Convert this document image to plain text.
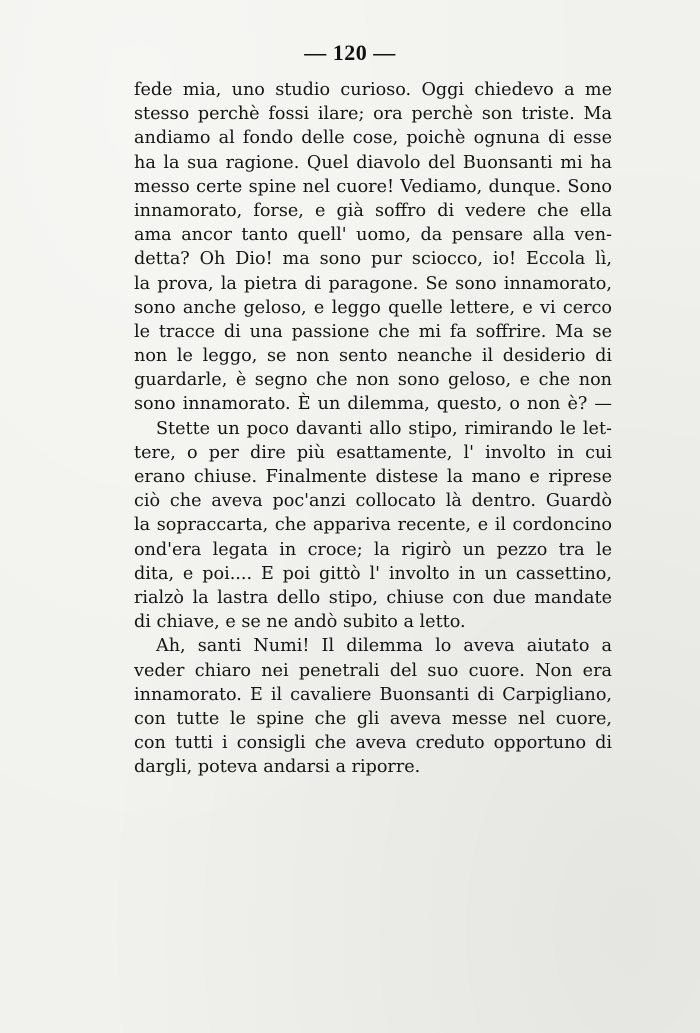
— 120 —
fede mia, uno studio curioso. Oggi chiedevo a me
stesso perchè fossi ilare; ora perchè son triste. Ma
andiamo al fondo delle cose, poichè ognuna di esse
ha la sua ragione. Quel diavolo del Buonsanti mi ha
messo certe spine nel cuore! Vediamo, dunque. Sono
innamorato, forse, e già soffro di vedere che ella
ama ancor tanto quell' uomo, da pensare alla ven-
detta? Oh Dio! ma sono pur sciocco, io! Eccola lì,
la prova, la pietra di paragone. Se sono innamorato,
sono anche geloso, e leggo quelle lettere, e vi cerco
le tracce di una passione che mi fa soffrire. Ma se
non le leggo, se non sento neanche il desiderio di
guardarle, è segno che non sono geloso, e che non
sono innamorato. È un dilemma, questo, o non è? —
Stette un poco davanti allo stipo, rimirando le let-
tere, o per dire più esattamente, l' involto in cui
erano chiuse. Finalmente distese la mano e riprese
ciò che aveva poc'anzi collocato là dentro. Guardò
la sopraccarta, che appariva recente, e il cordoncino
ond'era legata in croce; la rigirò un pezzo tra le
dita, e poi.... E poi gittò l' involto in un cassettino,
rialzò la lastra dello stipo, chiuse con due mandate
di chiave, e se ne andò subito a letto.
Ah, santi Numi! Il dilemma lo aveva aiutato a
veder chiaro nei penetrali del suo cuore. Non era
innamorato. E il cavaliere Buonsanti di Carpigliano,
con tutte le spine che gli aveva messe nel cuore,
con tutti i consigli che aveva creduto opportuno di
dargli, poteva andarsi a riporre.
